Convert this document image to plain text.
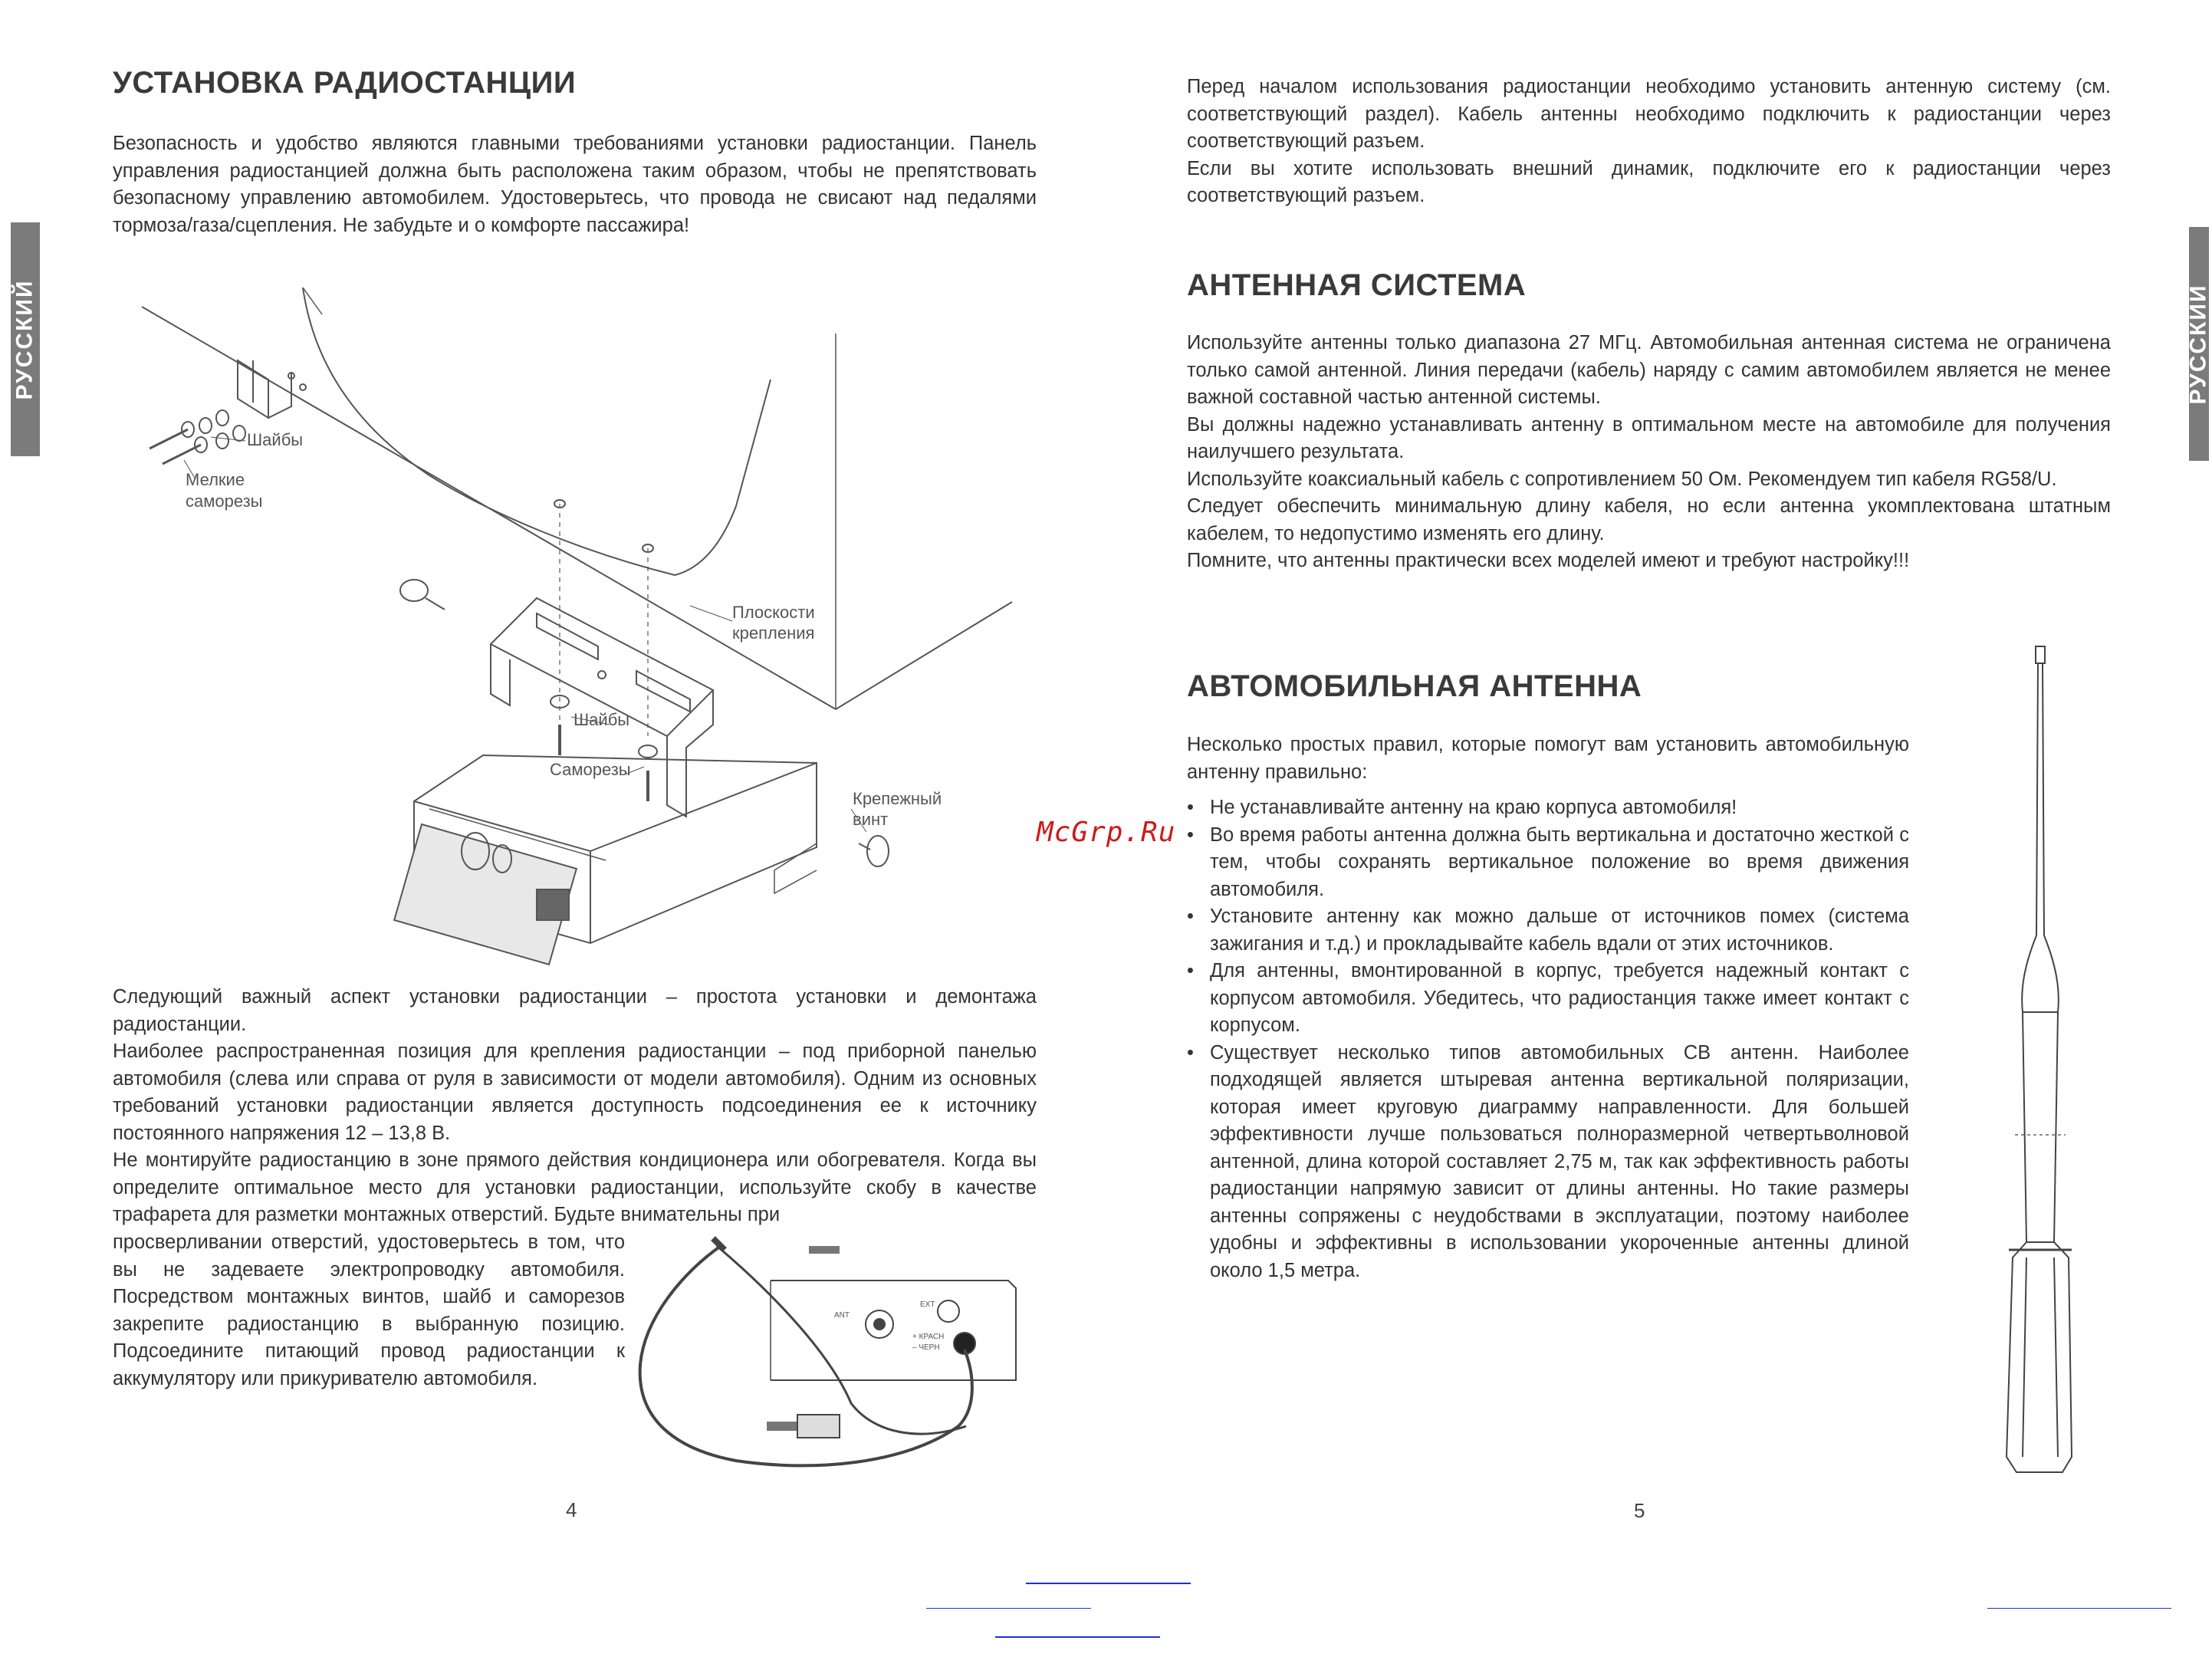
РУССКИЙ
УСТАНОВКА РАДИОСТАНЦИИ

Безопасность и удобство являются главными требованиями установки радиостанции. Панель управления радиостанцией должна быть расположена таким образом, чтобы не препятствовать безопасному управлению автомобилем. Удостоверьтесь, что провода не свисают над педалями тормоза/газа/сцепления. Не забудьте и о комфорте пассажира!

Шайбы
Мелкие
саморезы
Плоскости
крепления
Шайбы
Саморезы
Крепежный
винт

Следующий важный аспект установки радиостанции – простота установки и демонтажа радиостанции.

Наиболее распространенная позиция для крепления радиостанции – под приборной панелью автомобиля (слева или справа от руля в зависимости от модели автомобиля). Одним из основных требований установки радиостанции является доступность подсоединения ее к источнику постоянного напряжения 12 – 13,8 В.

Не монтируйте радиостанцию в зоне прямого действия кондиционера или обогревателя. Когда вы определите оптимальное место для установки радиостанции, используйте скобу в качестве трафарета для разметки монтажных отверстий. Будьте внимательны при

просверливании отверстий, удостоверьтесь в том, что вы не задеваете электропроводку автомобиля. Посредством монтажных винтов, шайб и саморезов закрепите радиостанцию в выбранную позицию. Подсоедините питающий провод радиостанции к аккумулятору или прикуривателю автомобиля.

ANT
EXT
+ КРАСН
– ЧЕРН
4
РУССКИЙ

Перед началом использования радиостанции необходимо установить антенную систему (см. соответствующий раздел). Кабель антенны необходимо подключить к радиостанции через соответствующий разъем.

Если вы хотите использовать внешний динамик, подключите его к радиостанции через соответствующий разъем.

АНТЕННАЯ СИСТЕМА

Используйте антенны только диапазона 27 МГц. Автомобильная антенная система не ограничена только самой антенной. Линия передачи (кабель) наряду с самим автомобилем является не менее важной составной частью антенной системы.

Вы должны надежно устанавливать антенну в оптимальном месте на автомобиле для получения наилучшего результата.

Используйте коаксиальный кабель с сопротивлением 50 Ом. Рекомендуем тип кабеля RG58/U.

Следует обеспечить минимальную длину кабеля, но если антенна укомплектована штатным кабелем, то недопустимо изменять его длину.

Помните, что антенны практически всех моделей имеют и требуют настройку!!!

АВТОМОБИЛЬНАЯ АНТЕННА

Несколько простых правил, которые помогут вам установить автомобильную антенну правильно:

• Не устанавливайте антенну на краю корпуса автомобиля!
• Во время работы антенна должна быть вертикальна и достаточно жесткой с тем, чтобы сохранять вертикальное положение во время движения автомобиля.
• Установите антенну как можно дальше от источников помех (система зажигания и т.д.) и прокладывайте кабель вдали от этих источников.
• Для антенны, вмонтированной в корпус, требуется надежный контакт с корпусом автомобиля. Убедитесь, что радиостанция также имеет контакт с корпусом.
• Существует несколько типов автомобильных СВ антенн. Наиболее подходящей является штыревая антенна вертикальной поляризации, которая имеет круговую диаграмму направленности. Для большей эффективности лучше пользоваться полноразмерной четвертьволновой антенной, длина которой составляет 2,75 м, так как эффективность работы радиостанции напрямую зависит от длины антенны. Но такие размеры антенны сопряжены с неудобствами в эксплуатации, поэтому наиболее удобны и эффективны в использовании укороченные антенны длиной около 1,5 метра.
5
McGrp.Ru
